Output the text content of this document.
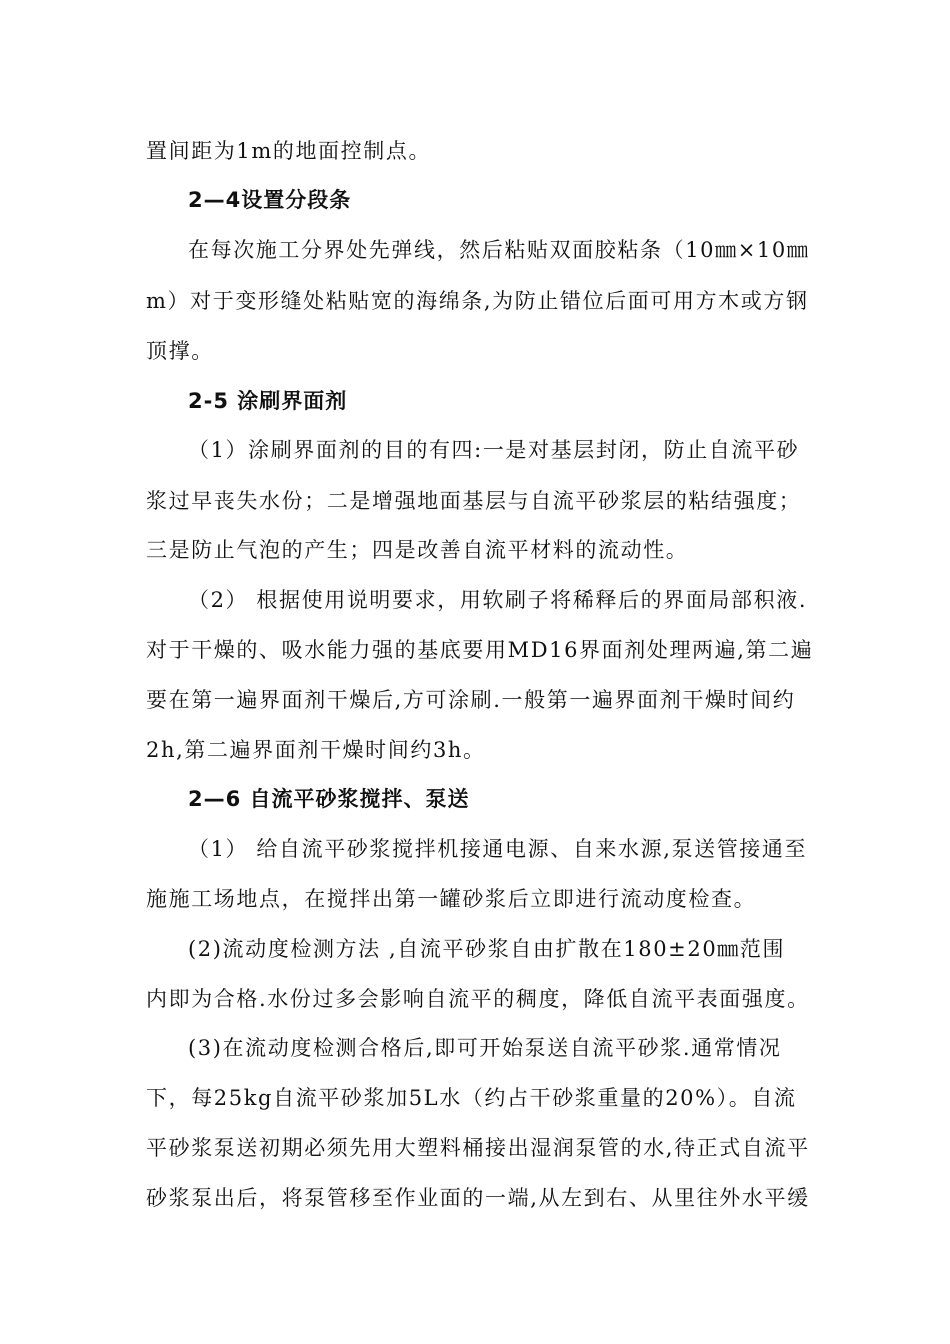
置间距为1m的地面控制点。
2—4设置分段条
在每次施工分界处先弹线，然后粘贴双面胶粘条（10㎜×10㎜
m）对于变形缝处粘贴宽的海绵条,为防止错位后面可用方木或方钢
顶撑。
2-5 涂刷界面剂
（1）涂刷界面剂的目的有四:一是对基层封闭，防止自流平砂
浆过早丧失水份；二是增强地面基层与自流平砂浆层的粘结强度；
三是防止气泡的产生；四是改善自流平材料的流动性。
（2） 根据使用说明要求，用软刷子将稀释后的界面局部积液.
对于干燥的、吸水能力强的基底要用MD16界面剂处理两遍,第二遍
要在第一遍界面剂干燥后,方可涂刷.一般第一遍界面剂干燥时间约
2h,第二遍界面剂干燥时间约3h。
2—6 自流平砂浆搅拌、泵送
（1） 给自流平砂浆搅拌机接通电源、自来水源,泵送管接通至
施施工场地点，在搅拌出第一罐砂浆后立即进行流动度检查。
(2)流动度检测方法 ,自流平砂浆自由扩散在180±20㎜范围
内即为合格.水份过多会影响自流平的稠度，降低自流平表面强度。
(3)在流动度检测合格后,即可开始泵送自流平砂浆.通常情况
下，每25kg自流平砂浆加5L水（约占干砂浆重量的20%）。自流
平砂浆泵送初期必须先用大塑料桶接出湿润泵管的水,待正式自流平
砂浆泵出后，将泵管移至作业面的一端,从左到右、从里往外水平缓
